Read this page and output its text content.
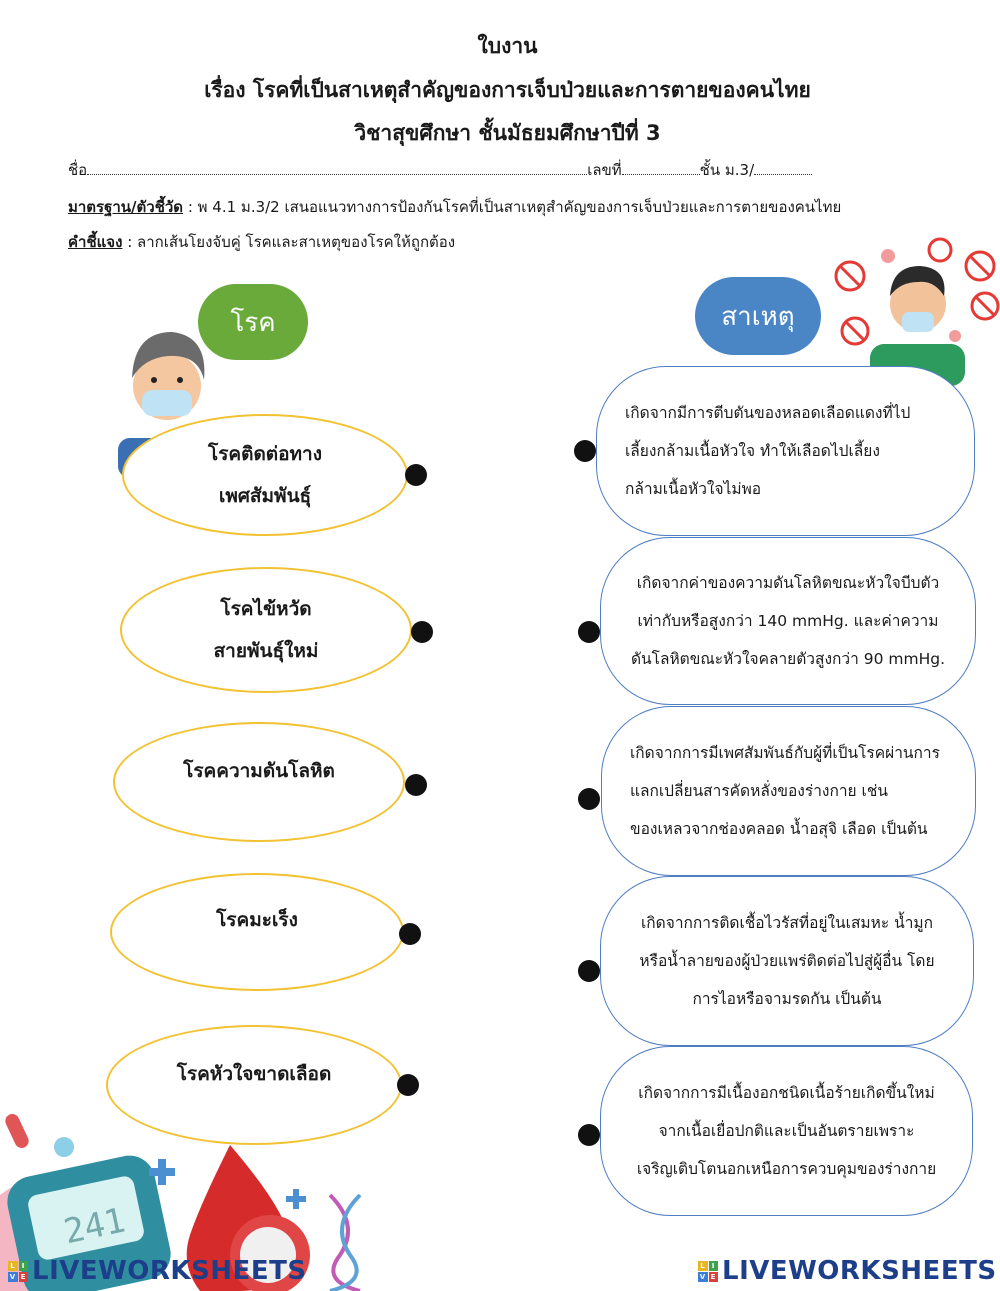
ใบงาน
เรื่อง โรคที่เป็นสาเหตุสำคัญของการเจ็บป่วยและการตายของคนไทย
วิชาสุขศึกษา ชั้นมัธยมศึกษาปีที่ 3
ชื่อ	เลขที่	ชั้น ม.3/
มาตรฐาน/ตัวชี้วัด : พ 4.1 ม.3/2 เสนอแนวทางการป้องกันโรคที่เป็นสาเหตุสำคัญของการเจ็บป่วยและการตายของคนไทย
คำชี้แจง : ลากเส้นโยงจับคู่ โรคและสาเหตุของโรคให้ถูกต้อง
โรค	สาเหตุ
โรคติดต่อทาง
เพศสัมพันธุ์
โรคไข้หวัด
สายพันธุ์ใหม่
โรคความดันโลหิต
โรคมะเร็ง
โรคหัวใจขาดเลือด
เกิดจากมีการตีบตันของหลอดเลือดแดงที่ไป
เลี้ยงกล้ามเนื้อหัวใจ ทำให้เลือดไปเลี้ยง
กล้ามเนื้อหัวใจไม่พอ
เกิดจากค่าของความดันโลหิตขณะหัวใจบีบตัว
เท่ากับหรือสูงกว่า 140 mmHg. และค่าความ
ดันโลหิตขณะหัวใจคลายตัวสูงกว่า 90 mmHg.
เกิดจากการมีเพศสัมพันธ์กับผู้ที่เป็นโรคผ่านการ
แลกเปลี่ยนสารคัดหลั่งของร่างกาย เช่น
ของเหลวจากช่องคลอด น้ำอสุจิ เลือด เป็นต้น
เกิดจากการติดเชื้อไวรัสที่อยู่ในเสมหะ น้ำมูก
หรือน้ำลายของผู้ป่วยแพร่ติดต่อไปสู่ผู้อื่น โดย
การไอหรือจามรดกัน เป็นต้น
เกิดจากการมีเนื้องอกชนิดเนื้อร้ายเกิดขึ้นใหม่
จากเนื้อเยื่อปกติและเป็นอันตรายเพราะ
เจริญเติบโตนอกเหนือการควบคุมของร่างกาย
241
L I
V E LIVEWORKSHEETS	L I
V E LIVEWORKSHEETS
